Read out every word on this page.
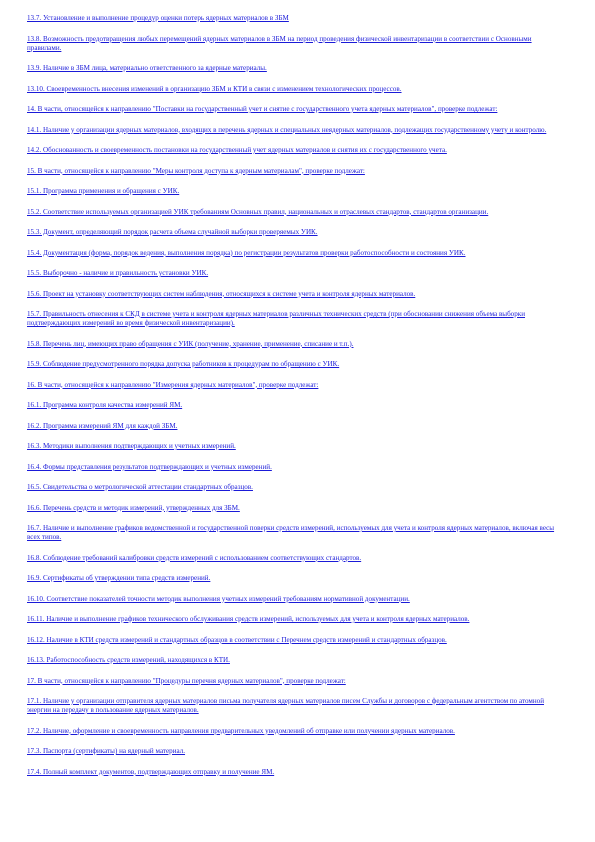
13.7. Установление и выполнение процедур оценки потерь ядерных материалов в ЗБМ
13.8. Возможность предотвращения любых перемещений ядерных материалов в ЗБМ на период проведения физической инвентаризации в соответствии с Основными правилами.
13.9. Наличие в ЗБМ лица, материально ответственного за ядерные материалы.
13.10. Своевременность внесения изменений в организацию ЗБМ и КТИ в связи с изменением технологических процессов.
14. В части, относящейся к направлению "Поставки на государственный учет и снятие с государственного учета ядерных материалов", проверке подлежат:
14.1. Наличие у организации ядерных материалов, входящих в перечень ядерных и специальных неядерных материалов, подлежащих государственному учету и контролю.
14.2. Обоснованность и своевременность постановки на государственный учет ядерных материалов и снятия их с государственного учета.
15. В части, относящейся к направлению "Меры контроля доступа к ядерным материалам", проверке подлежат:
15.1. Программа применения и обращения с УИК.
15.2. Соответствие используемых организацией УИК требованиям Основных правил, национальных и отраслевых стандартов, стандартов организации.
15.3. Документ, определяющий порядок расчета объема случайной выборки проверяемых УИК.
15.4. Документация (форма, порядок ведения, выполнения порядка) по регистрации результатов проверки работоспособности и состояния УИК.
15.5. Выборочно - наличие и правильность установки УИК.
15.6. Проект на установку соответствующих систем наблюдения, относящихся к системе учета и контроля ядерных материалов.
15.7. Правильность отнесения к СКД в системе учета и контроля ядерных материалов различных технических средств (при обосновании снижения объема выборки подтверждающих измерений во время физической инвентаризации).
15.8. Перечень лиц, имеющих право обращения с УИК (получение, хранение, применение, списание и т.п.).
15.9. Соблюдение предусмотренного порядка допуска работников к процедурам по обращению с УИК.
16. В части, относящейся к направлению "Измерения ядерных материалов", проверке подлежат:
16.1. Программа контроля качества измерений ЯМ.
16.2. Программа измерений ЯМ для каждой ЗБМ.
16.3. Методики выполнения подтверждающих и учетных измерений.
16.4. Формы представления результатов подтверждающих и учетных измерений.
16.5. Свидетельства о метрологической аттестации стандартных образцов.
16.6. Перечень средств и методик измерений, утвержденных для ЗБМ.
16.7. Наличие и выполнение графиков ведомственной и государственной поверки средств измерений, используемых для учета и контроля ядерных материалов, включая весы всех типов.
16.8. Соблюдение требований калибровки средств измерений с использованием соответствующих стандартов.
16.9. Сертификаты об утверждении типа средств измерений.
16.10. Соответствие показателей точности методик выполнения учетных измерений требованиям нормативной документации.
16.11. Наличие и выполнение графиков технического обслуживания средств измерений, используемых для учета и контроля ядерных материалов.
16.12. Наличие в КТИ средств измерений и стандартных образцов в соответствии с Перечнем средств измерений и стандартных образцов.
16.13. Работоспособность средств измерений, находящихся в КТИ.
17. В части, относящейся к направлению "Процедуры перечня ядерных материалов", проверке подлежат:
17.1. Наличие у организации отправителя ядерных материалов письма получателя ядерных материалов писем Службы и договоров с федеральным агентством по атомной энергии на передачу в пользование ядерных материалов.
17.2. Наличие, оформление и своевременность направления предварительных уведомлений об отправке или получении ядерных материалов.
17.3. Паспорта (сертификаты) на ядерный материал.
17.4. Полный комплект документов, подтверждающих отправку и получение ЯМ.
